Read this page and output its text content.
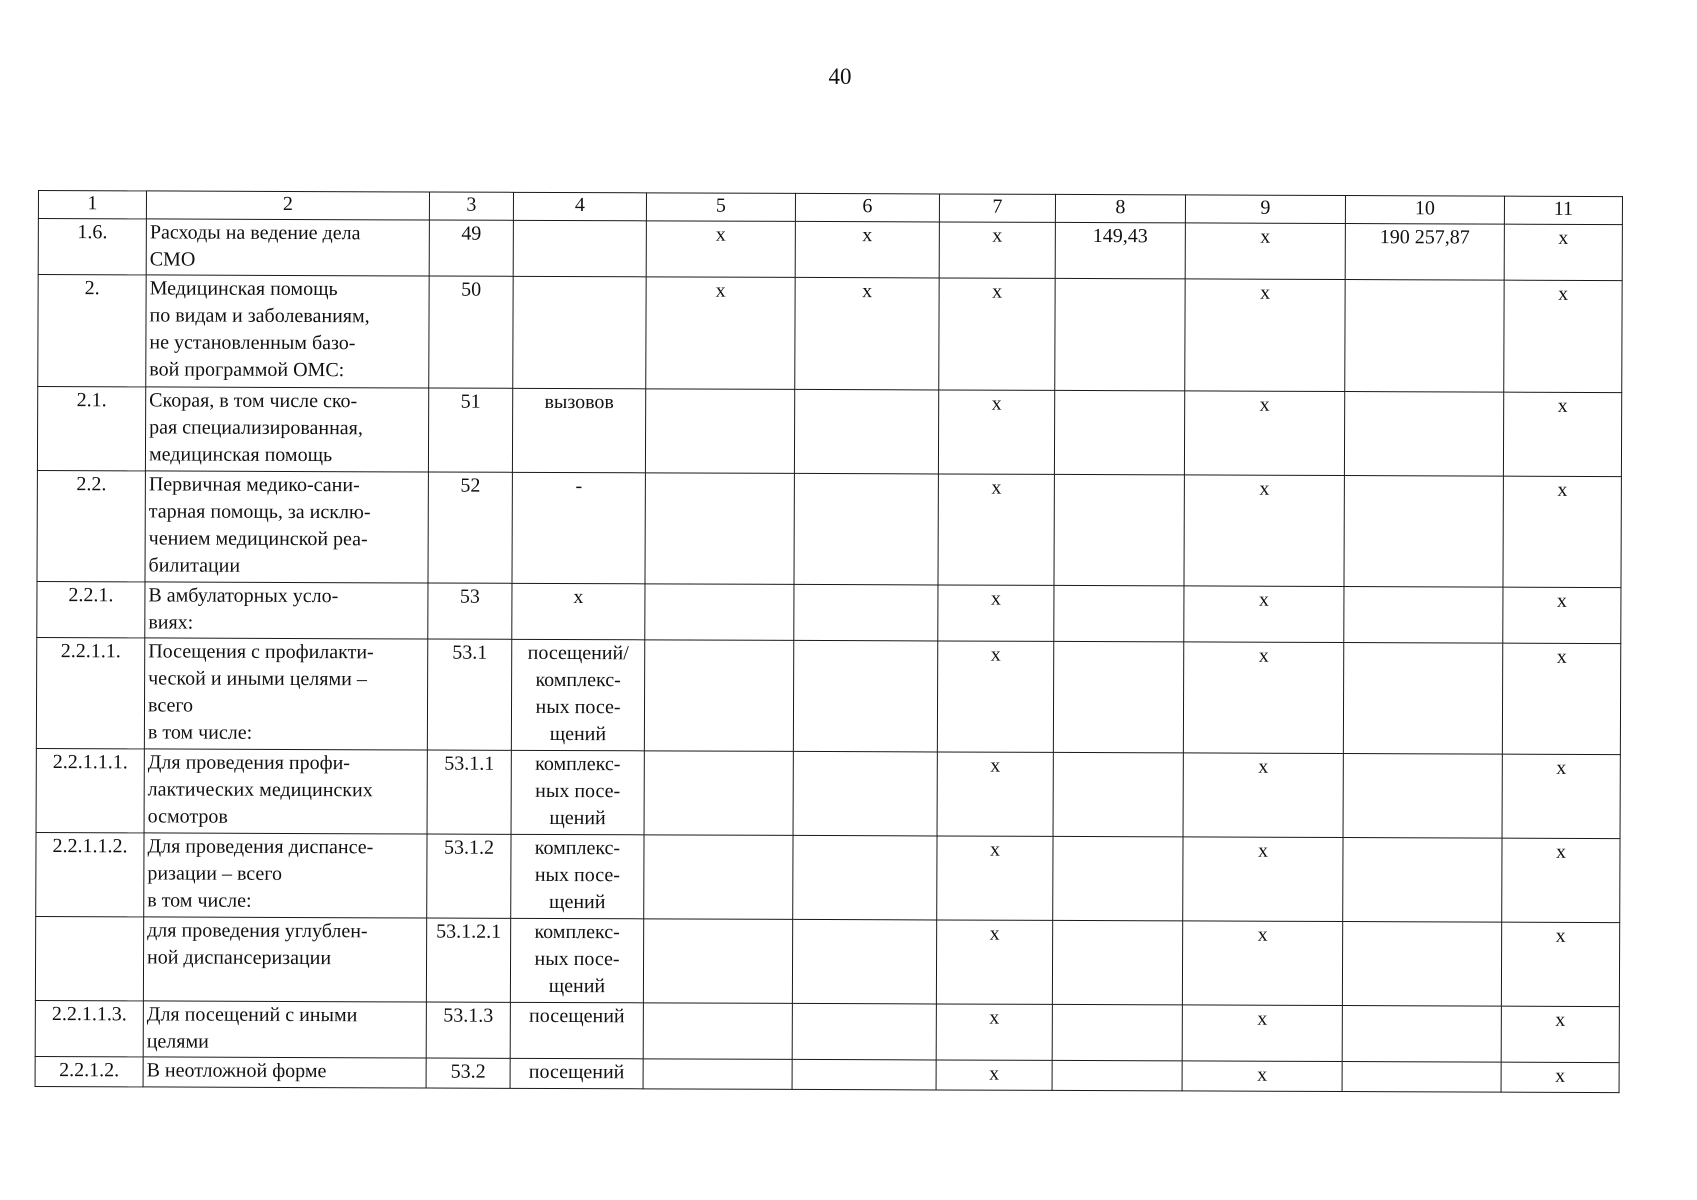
40
1	2	3	4	5	6	7	8	9	10	11
1.6.	Расходы на ведение дела
СМО	49		х	х	х	149,43	х	190 257,87	х
2.	Медицинская помощь
по видам и заболеваниям,
не установленным базо-
вой программой ОМС:	50		х	х	х		х		х
2.1.	Скорая, в том числе ско-
рая специализированная,
медицинская помощь	51	вызовов			х		х		х
2.2.	Первичная медико-сани-
тарная помощь, за исклю-
чением медицинской реа-
билитации	52	-			х		х		х
2.2.1.	В амбулаторных усло-
виях:	53	х			х		х		х
2.2.1.1.	Посещения с профилакти-
ческой и иными целями –
всего
в том числе:	53.1	посещений/
комплекс-
ных посе-
щений			х		х		х
2.2.1.1.1.	Для проведения профи-
лактических медицинских
осмотров	53.1.1	комплекс-
ных посе-
щений			х		х		х
2.2.1.1.2.	Для проведения диспансе-
ризации – всего
в том числе:	53.1.2	комплекс-
ных посе-
щений			х		х		х
	для проведения углублен-
ной диспансеризации	53.1.2.1	комплекс-
ных посе-
щений			х		х		х
2.2.1.1.3.	Для посещений с иными
целями	53.1.3	посещений			х		х		х
2.2.1.2.	В неотложной форме	53.2	посещений			х		х		х
